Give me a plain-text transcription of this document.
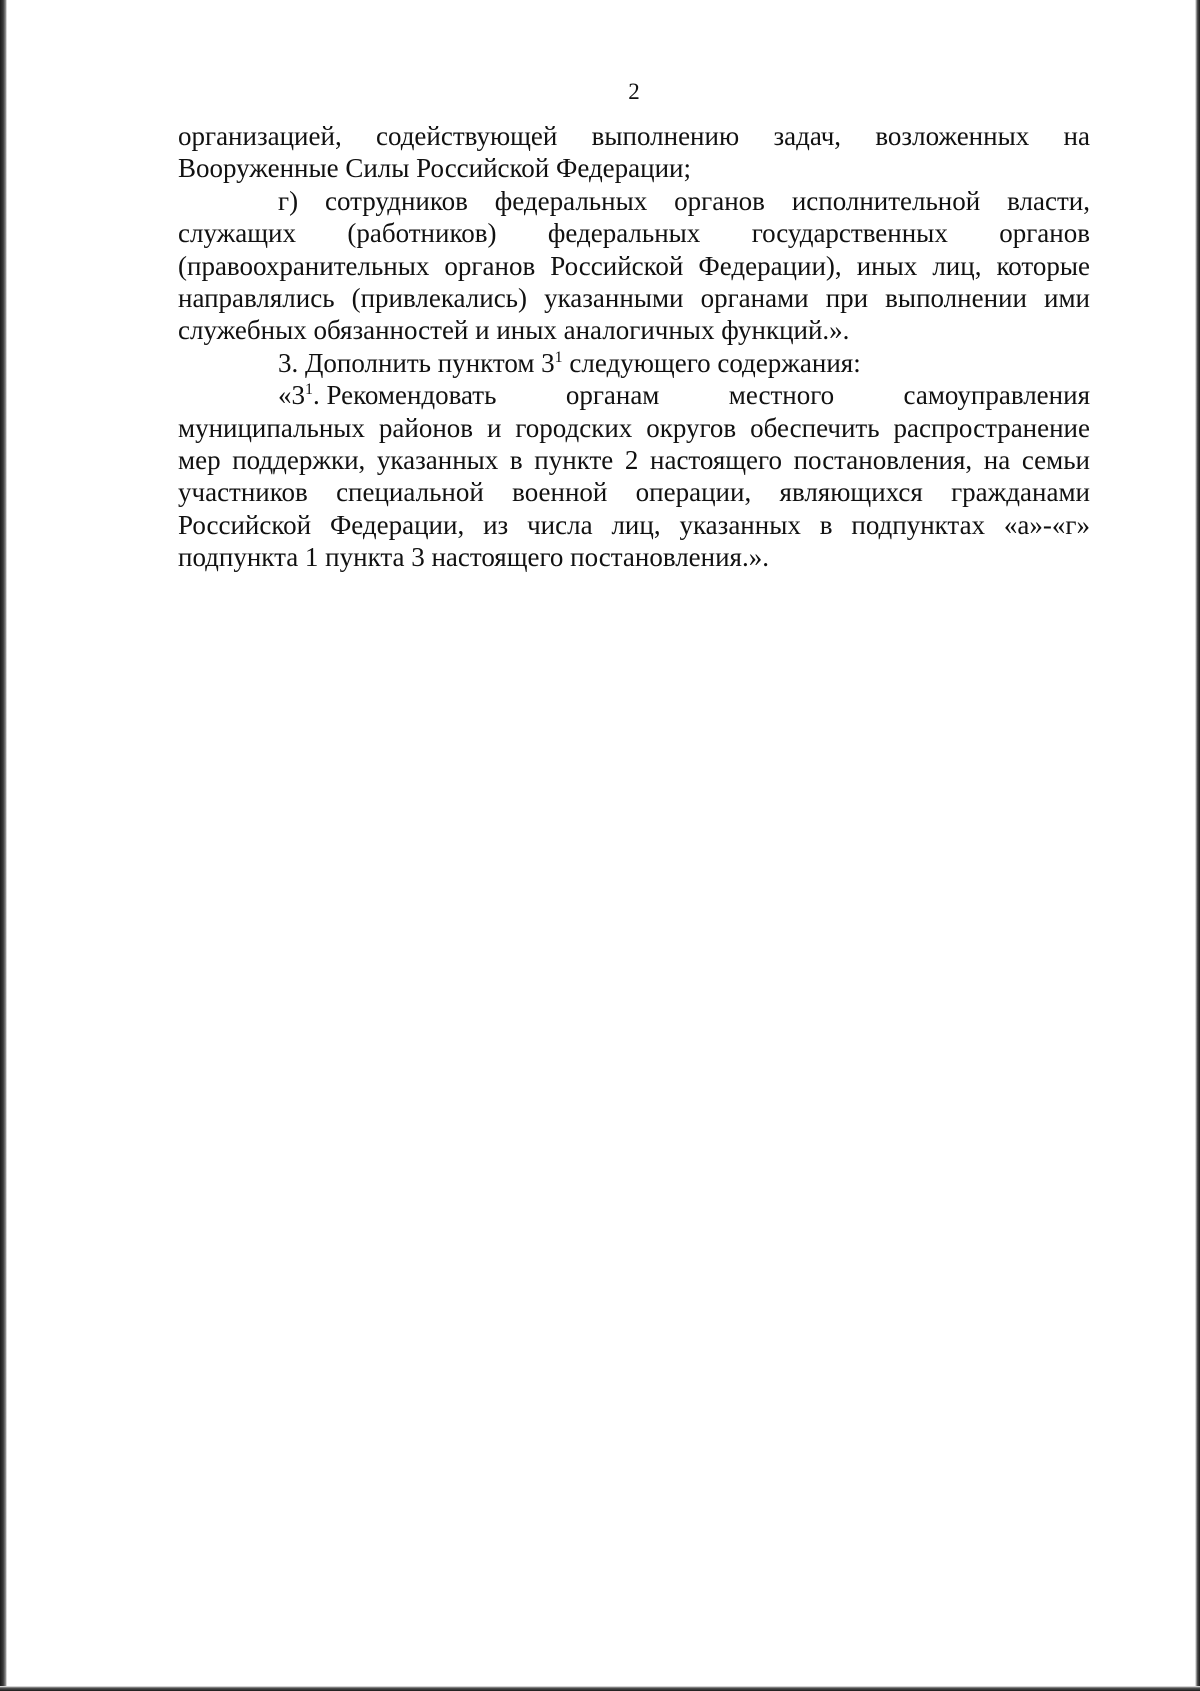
2
организацией, содействующей выполнению задач, возложенных на

Вооруженные Силы Российской Федерации;

г) сотрудников федеральных органов исполнительной власти,
служащих (работников) федеральных государственных органов

(правоохранительных органов Российской Федерации), иных лиц, которые направлялись (привлекались) указанными органами при выполнении ими служебных обязанностей и иных аналогичных функций.».

3. Дополнить пунктом $3^1$ следующего содержания:

«$3^1$. Рекомендовать	органам	местного	самоуправления

муниципальных районов и городских округов обеспечить распространение мер поддержки, указанных в пункте 2 настоящего постановления, на семьи участников специальной военной операции, являющихся гражданами Российской Федерации, из числа лиц, указанных в подпунктах «а»-«г» подпункта 1 пункта 3 настоящего постановления.».
